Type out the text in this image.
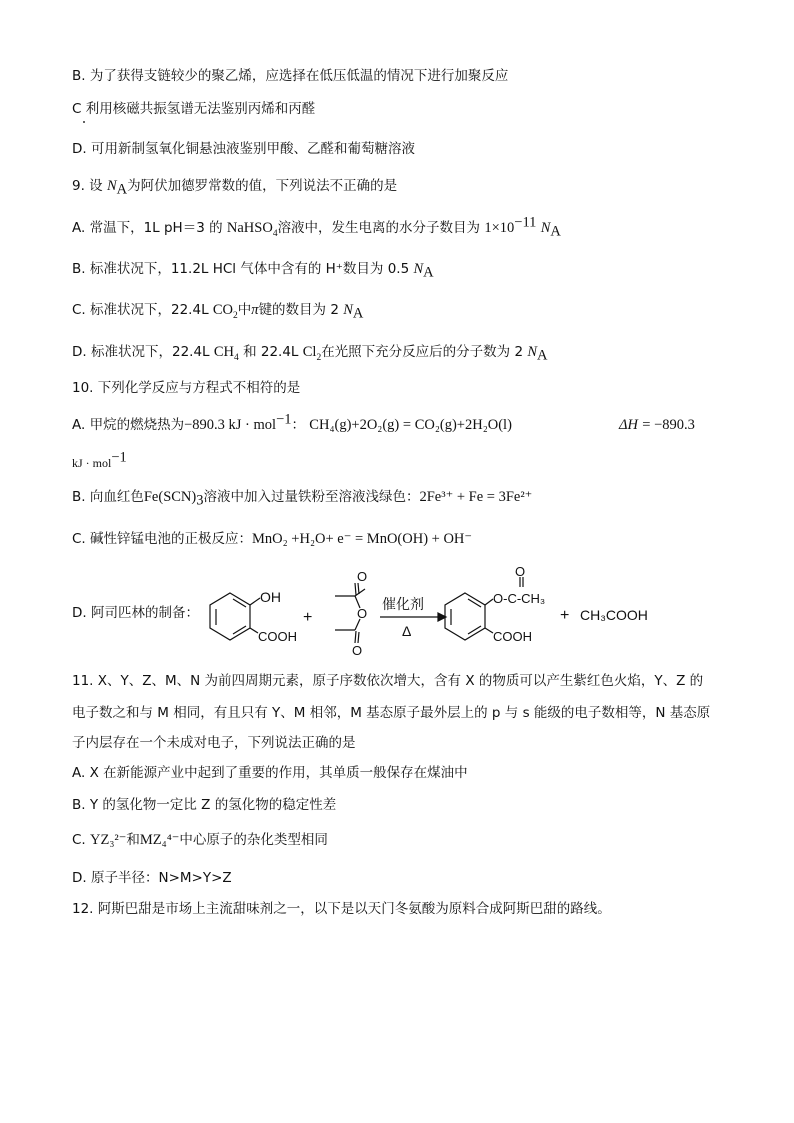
B. 为了获得支链较少的聚乙烯，应选择在低压低温的情况下进行加聚反应
C 利用核磁共振氢谱无法鉴别丙烯和丙醛
D. 可用新制氢氧化铜悬浊液鉴别甲酸、乙醛和葡萄糖溶液
9. 设 $N_A$为阿伏加德罗常数的值，下列说法不正确的是
A. 常温下，1L pH＝3 的 NaHSO$_4$溶液中，发生电离的水分子数目为 $1\times 10^{-11}$ $N_A$
B. 标准状况下，11.2L HCl 气体中含有的 H⁺数目为 0.5 $N_A$
C. 标准状况下，22.4L $CO_2$中π键的数目为 2 $N_A$
D. 标准状况下，22.4L $CH_4$ 和 22.4L $Cl_2$在光照下充分反应后的分子数为 2 $N_A$
10. 下列化学反应与方程式不相符的是
A. 甲烷的燃烧热为−890.3 kJ · mol$^{-1}$： CH₄(g)+2O₂(g) = CO₂(g)+2H₂O(l)	ΔH = −890.3
kJ · mol$^{-1}$
B. 向血红色$Fe(SCN)_3$溶液中加入过量铁粉至溶液浅绿色：2Fe³⁺ + Fe = 3Fe²⁺
C. 碱性锌锰电池的正极反应：MnO₂ +H₂O+ e⁻ = MnO(OH) + OH⁻
D. 阿司匹林的制备：
OH
COOH
+
O
O
O
催化剂
Δ
O
O-C-CH₃
COOH
+ CH₃COOH
11. X、Y、Z、M、N 为前四周期元素，原子序数依次增大，含有 X 的物质可以产生紫红色火焰，Y、Z 的
电子数之和与 M 相同，有且只有 Y、M 相邻，M 基态原子最外层上的 p 与 s 能级的电子数相等，N 基态原
子内层存在一个未成对电子，下列说法正确的是
A. X 在新能源产业中起到了重要的作用，其单质一般保存在煤油中
B. Y 的氢化物一定比 Z 的氢化物的稳定性差
C. YZ₃²⁻和MZ₄⁴⁻中心原子的杂化类型相同
D. 原子半径：N>M>Y>Z
12. 阿斯巴甜是市场上主流甜味剂之一，以下是以天门冬氨酸为原料合成阿斯巴甜的路线。
